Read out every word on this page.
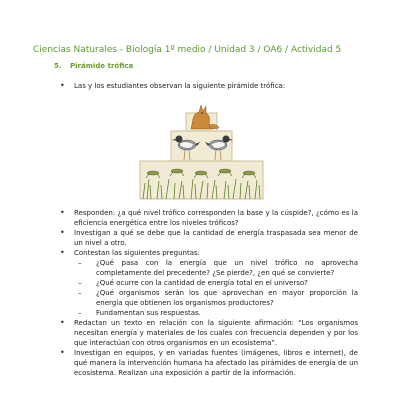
Ciencias Naturales - Biología 1º medio / Unidad 3 / OA6 / Actividad 5
5. Pirámide trófica
• Las y los estudiantes observan la siguiente pirámide trófica:
• Responden: ¿a qué nivel trófico corresponden la base y la cúspide?, ¿cómo es la eficiencia energética entre los niveles tróficos?
• Investigan a qué se debe que la cantidad de energía traspasada sea menor de un nivel a otro.
• Contestan las siguientes preguntas:
– ¿Qué pasa con la energía que un nivel trófico no aprovecha completamente del precedente? ¿Se pierde?, ¿en qué se convierte?
– ¿Qué ocurre con la cantidad de energía total en el universo?
– ¿Qué organismos serán los que aprovechan en mayor proporción la energía que obtienen los organismos productores?
– Fundamentan sus respuestas.
• Redactan un texto en relación con la siguiente afirmación: “Los organismos necesitan energía y materiales de los cuales con frecuencia dependen y por los que interactúan con otros organismos en un ecosistema”.
• Investigan en equipos, y en variadas fuentes (imágenes, libros e internet), de qué manera la intervención humana ha afectado las pirámides de energía de un ecosistema. Realizan una exposición a partir de la información.
